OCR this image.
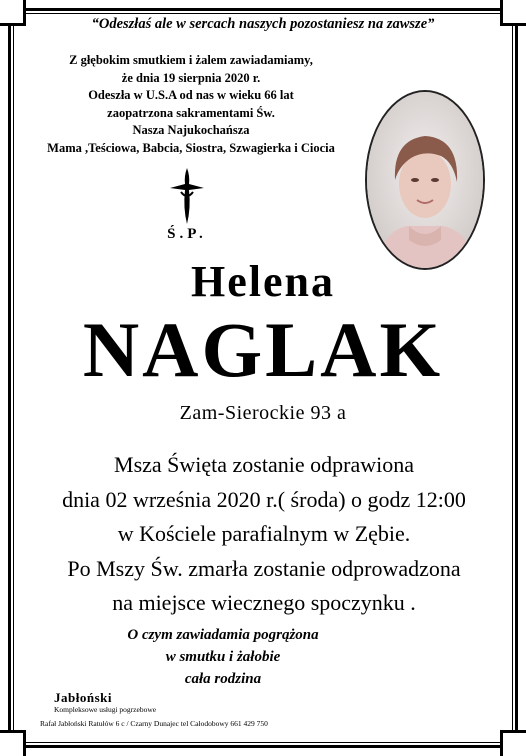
“Odeszłaś ale w sercach naszych pozostaniesz na zawsze”
Z głębokim smutkiem i żalem zawiadamiamy,
że dnia 19 sierpnia 2020 r.
Odeszła w U.S.A od nas w wieku 66 lat
zaopatrzona sakramentami Św.
Nasza Najukochańsza
Mama ,Teściowa, Babcia, Siostra, Szwagierka i Ciocia
Ś.P.
Helena
NAGLAK
Zam-Sierockie 93 a
Msza Święta zostanie odprawiona
dnia 02 września 2020 r.( środa) o godz 12:00
w Kościele parafialnym w Zębie.
Po Mszy Św. zmarła zostanie odprowadzona
na miejsce wiecznego spoczynku .
O czym zawiadamia pogrążona
w smutku i żałobie
cała rodzina
Jabłoński
Kompleksowe usługi pogrzebowe
Rafał Jabłoński Ratułów 6 c / Czarny Dunajec tel Całodobowy 661 429 750
